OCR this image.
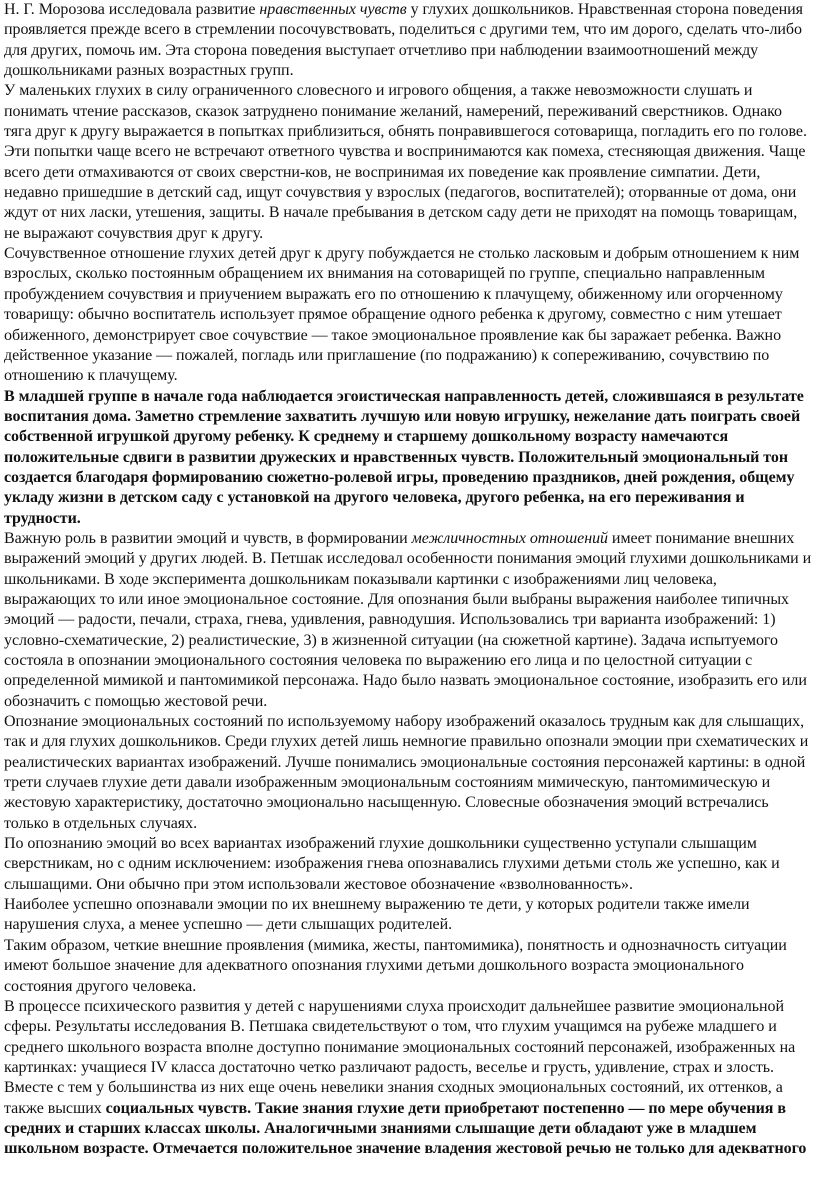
Н. Г. Морозова исследовала развитие нравственных чувств у глухих дошкольников. Нравственная сторона поведения проявляется прежде всего в стремлении посочувствовать, поделиться с другими тем, что им дорого, сделать что-либо для других, помочь им. Эта сторона поведения выступает отчетливо при наблюдении взаимоотношений между дошкольниками разных возрастных групп.

У маленьких глухих в силу ограниченного словесного и игрового общения, а также невозможности слушать и понимать чтение рассказов, сказок затруднено понимание желаний, намерений, переживаний сверстников. Однако тяга друг к другу выражается в попытках приблизиться, обнять понравившегося сотоварища, погладить его по голове. Эти попытки чаще всего не встречают ответного чувства и воспринимаются как помеха, стесняющая движения. Чаще всего дети отмахиваются от своих сверстни-ков, не воспринимая их поведение как проявление симпатии. Дети, недавно пришедшие в детский сад, ищут сочувствия у взрослых (педагогов, воспитателей); оторванные от дома, они ждут от них ласки, утешения, защиты. В начале пребывания в детском саду дети не приходят на помощь товарищам, не выражают сочувствия друг к другу.

Сочувственное отношение глухих детей друг к другу побуждается не столько ласковым и добрым отношением к ним взрослых, сколько постоянным обращением их внимания на сотоварищей по группе, специально направленным пробуждением сочувствия и приучением выражать его по отношению к плачущему, обиженному или огорченному товарищу: обычно воспитатель использует прямое обращение одного ребенка к другому, совместно с ним утешает обиженного, демонстрирует свое сочувствие — такое эмоциональное проявление как бы заражает ребенка. Важно действенное указание — пожалей, погладь или приглашение (по подражанию) к сопереживанию, сочувствию по отношению к плачущему.

В младшей группе в начале года наблюдается эгоистическая направленность детей, сложившаяся в результате воспитания дома. Заметно стремление захватить лучшую или новую игрушку, нежелание дать поиграть своей собственной игрушкой другому ребенку. К среднему и старшему дошкольному возрасту намечаются положительные сдвиги в развитии дружеских и нравственных чувств. Положительный эмоциональный тон создается благодаря формированию сюжетно-ролевой игры, проведению праздников, дней рождения, общему укладу жизни в детском саду с установкой на другого человека, другого ребенка, на его переживания и трудности.

Важную роль в развитии эмоций и чувств, в формировании межличностных отношений имеет понимание внешних выражений эмоций у других людей. В. Петшак исследовал особенности понимания эмоций глухими дошкольниками и школьниками. В ходе эксперимента дошкольникам показывали картинки с изображениями лиц человека, выражающих то или иное эмоциональное состояние. Для опознания были выбраны выражения наиболее типичных эмоций — радости, печали, страха, гнева, удивления, равнодушия. Использовались три варианта изображений: 1) условно-схематические, 2) реалистические, 3) в жизненной ситуации (на сюжетной картине). Задача испытуемого состояла в опознании эмоционального состояния человека по выражению его лица и по целостной ситуации с определенной мимикой и пантомимикой персонажа. Надо было назвать эмоциональное состояние, изобразить его или обозначить с помощью жестовой речи.

Опознание эмоциональных состояний по используемому набору изображений оказалось трудным как для слышащих, так и для глухих дошкольников. Среди глухих детей лишь немногие правильно опознали эмоции при схематических и реалистических вариантах изображений. Лучше понимались эмоциональные состояния персонажей картины: в одной трети случаев глухие дети давали изображенным эмоциональным состояниям мимическую, пантомимическую и жестовую характеристику, достаточно эмоционально насыщенную. Словесные обозначения эмоций встречались только в отдельных случаях.

По опознанию эмоций во всех вариантах изображений глухие дошкольники существенно уступали слышащим сверстникам, но с одним исключением: изображения гнева опознавались глухими детьми столь же успешно, как и слышащими. Они обычно при этом использовали жестовое обозначение «взволнованность».

Наиболее успешно опознавали эмоции по их внешнему выражению те дети, у которых родители также имели нарушения слуха, а менее успешно — дети слышащих родителей.

Таким образом, четкие внешние проявления (мимика, жесты, пантомимика), понятность и однозначность ситуации имеют большое значение для адекватного опознания глухими детьми дошкольного возраста эмоционального состояния другого человека.

В процессе психического развития у детей с нарушениями слуха происходит дальнейшее развитие эмоциональной сферы. Результаты исследования В. Петшака свидетельствуют о том, что глухим учащимся на рубеже младшего и среднего школьного возраста вполне доступно понимание эмоциональных состояний персонажей, изображенных на картинках: учащиеся IV класса достаточно четко различают радость, веселье и грусть, удивление, страх и злость. Вместе с тем у большинства из них еще очень невелики знания сходных эмоциональных состояний, их оттенков, а также высших социальных чувств. Такие знания глухие дети приобретают постепенно — по мере обучения в средних и старших классах школы. Аналогичными знаниями слышащие дети обладают уже в младшем школьном возрасте. Отмечается положительное значение владения жестовой речью не только для адекватного
